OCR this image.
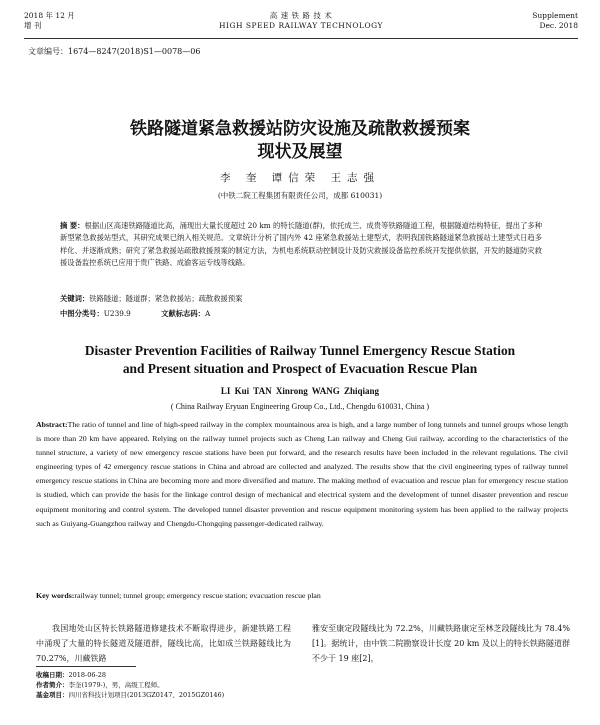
2018 年 12 月
增 刊
高 速 铁 路 技 术
HIGH SPEED RAILWAY TECHNOLOGY
Supplement
Dec. 2018
文章编号：1674—8247(2018)S1—0078—06
铁路隧道紧急救援站防灾设施及疏散救援预案
现状及展望
李 奎 谭信荣 王志强
(中铁二院工程集团有限责任公司，成都 610031)
摘 要：根据山区高速铁路隧道比高，涌现出大量长度超过 20 km 的特长隧道(群)，依托成兰、成贵等铁路隧道工程，根据隧道结构特征，提出了多种新型紧急救援站型式，其研究成果已纳入相关规范。文章统计分析了国内外 42 座紧急救援站土建型式，表明我国铁路隧道紧急救援站土建型式日趋多样化、并逐渐成熟；研究了紧急救援站疏散救援预案的制定方法，为机电系统联动控制设计及防灾救援设备监控系统开发提供依据，开发的隧道防灾救援设备监控系统已应用于贵广铁路、成渝客运专线等线路。
关键词：铁路隧道；隧道群；紧急救援站；疏散救援预案
中图分类号：U239.9	文献标志码：A
Disaster Prevention Facilities of Railway Tunnel Emergency Rescue Station
and Present situation and Prospect of Evacuation Rescue Plan
LI Kui TAN Xinrong WANG Zhiqiang
( China Railway Eryuan Engineering Group Co., Ltd., Chengdu 610031, China )
Abstract:The ratio of tunnel and line of high-speed railway in the complex mountainous area is high, and a large number of long tunnels and tunnel groups whose length is more than 20 km have appeared. Relying on the railway tunnel projects such as Cheng Lan railway and Cheng Gui railway, according to the characteristics of the tunnel structure, a variety of new emergency rescue stations have been put forward, and the research results have been included in the relevant regulations. The civil engineering types of 42 emergency rescue stations in China and abroad are collected and analyzed. The results show that the civil engineering types of railway tunnel emergency rescue stations in China are becoming more and more diversified and mature. The making method of evacuation and rescue plan for emergency rescue station is studied, which can provide the basis for the linkage control design of mechanical and electrical system and the development of tunnel disaster prevention and rescue equipment monitoring and control system. The developed tunnel disaster prevention and rescue equipment monitoring system has been applied to the railway projects such as Guiyang-Guangzhou railway and Chengdu-Chongqing passenger-dedicated railway.
Key words:railway tunnel; tunnel group; emergency rescue station; evacuation rescue plan
我国地处山区特长铁路隧道修建技术不断取得进步，新建铁路工程中涌现了大量的特长隧道及隧道群，隧线比高，比如成兰铁路隧线比为 70.27%，川藏铁路
雅安至康定段隧线比为 72.2%，川藏铁路康定至林芝段隧线比为 78.4%[1]。据统计，由中铁二院勘察设计长度 20 km 及以上的特长铁路隧道群不少于 19 座[2]，
收稿日期：2018-06-28
作者简介：李奎(1979-)，男，高级工程师。
基金项目：四川省科技计划项目(2013GZ0147、2015GZ0146)
